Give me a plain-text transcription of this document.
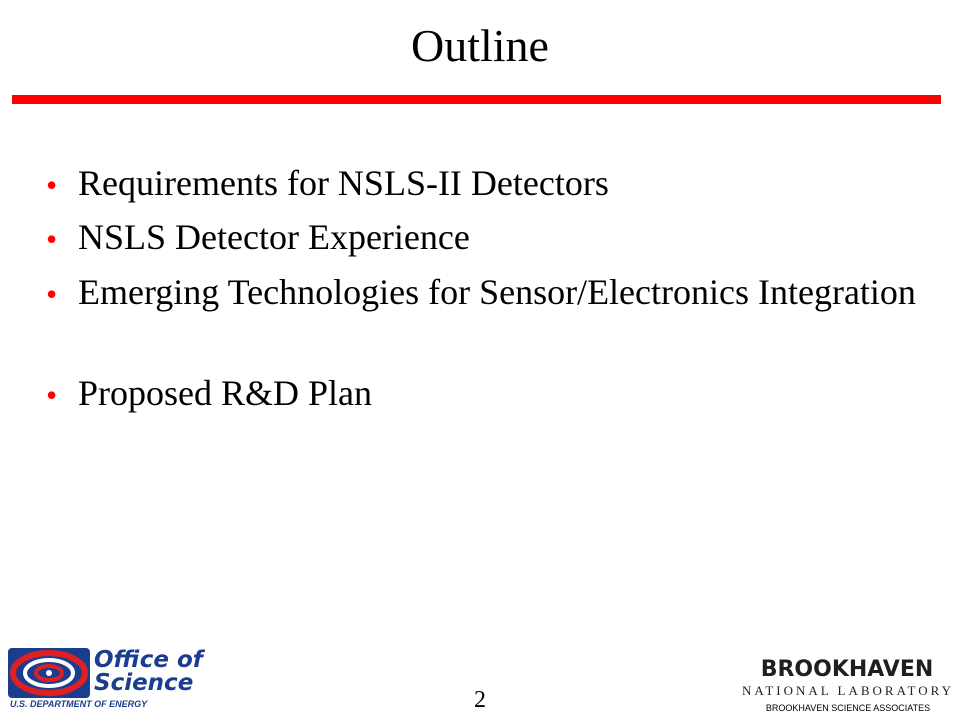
Outline
• Requirements for NSLS-II Detectors
• NSLS Detector Experience
• Emerging Technologies for Sensor/Electronics Integration
• Proposed R&D Plan
Office of
Science
U.S. DEPARTMENT OF ENERGY	2
BROOKHAVEN
NATIONAL LABORATORY
BROOKHAVEN SCIENCE ASSOCIATES
